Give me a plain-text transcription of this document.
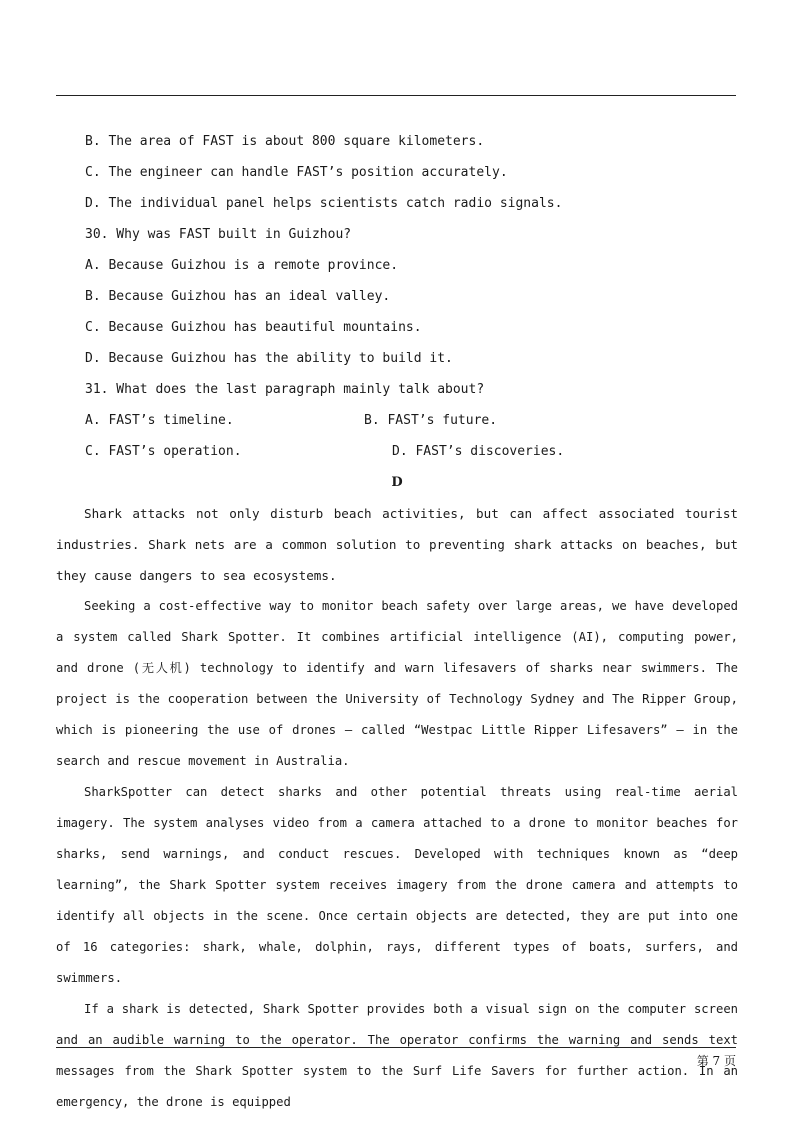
B. The area of FAST is about 800 square kilometers.
C. The engineer can handle FAST’s position accurately.
D. The individual panel helps scientists catch radio signals.
30. Why was FAST built in Guizhou?
A. Because Guizhou is a remote province.
B. Because Guizhou has an ideal valley.
C. Because Guizhou has beautiful mountains.
D. Because Guizhou has the ability to build it.
31. What does the last paragraph mainly talk about?
A. FAST’s timeline.	B. FAST’s future.
C. FAST’s operation.	D. FAST’s discoveries.
D

Shark attacks not only disturb beach activities, but can affect associated tourist industries. Shark nets are a common solution to preventing shark attacks on beaches, but they cause dangers to sea ecosystems.

Seeking a cost-effective way to monitor beach safety over large areas, we have developed a system called Shark Spotter. It combines artificial intelligence (AI), computing power, and drone (无人机) technology to identify and warn lifesavers of sharks near swimmers. The project is the cooperation between the University of Technology Sydney and The Ripper Group, which is pioneering the use of drones – called “Westpac Little Ripper Lifesavers” – in the search and rescue movement in Australia.

SharkSpotter can detect sharks and other potential threats using real-time aerial imagery. The system analyses video from a camera attached to a drone to monitor beaches for sharks, send warnings, and conduct rescues. Developed with techniques known as “deep learning”, the Shark Spotter system receives imagery from the drone camera and attempts to identify all objects in the scene. Once certain objects are detected, they are put into one of 16 categories: shark, whale, dolphin, rays, different types of boats, surfers, and swimmers.

If a shark is detected, Shark Spotter provides both a visual sign on the computer screen and an audible warning to the operator. The operator confirms the warning and sends text messages from the Shark Spotter system to the Surf Life Savers for further action. In an emergency, the drone is equipped

第 7 页
